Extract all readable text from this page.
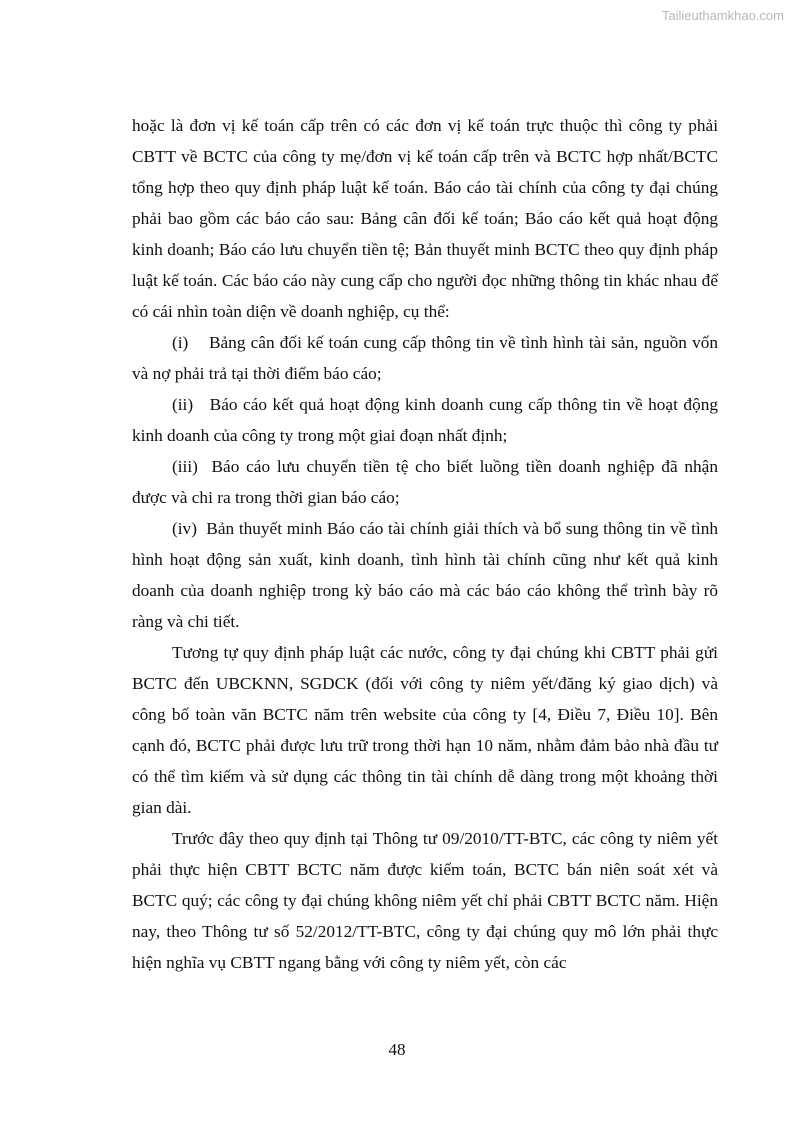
Tailieuthamkhao.com

hoặc là đơn vị kế toán cấp trên có các đơn vị kế toán trực thuộc thì công ty phải CBTT về BCTC của công ty mẹ/đơn vị kế toán cấp trên và BCTC hợp nhất/BCTC tổng hợp theo quy định pháp luật kế toán. Báo cáo tài chính của công ty đại chúng phải bao gồm các báo cáo sau: Bảng cân đối kế toán; Báo cáo kết quả hoạt động kinh doanh; Báo cáo lưu chuyển tiền tệ; Bản thuyết minh BCTC theo quy định pháp luật kế toán. Các báo cáo này cung cấp cho người đọc những thông tin khác nhau để có cái nhìn toàn diện về doanh nghiệp, cụ thể:

(i)    Bảng cân đối kế toán cung cấp thông tin về tình hình tài sản, nguồn vốn và nợ phải trả tại thời điểm báo cáo;

(ii)   Báo cáo kết quả hoạt động kinh doanh cung cấp thông tin về hoạt động kinh doanh của công ty trong một giai đoạn nhất định;

(iii)  Báo cáo lưu chuyển tiền tệ cho biết luồng tiền doanh nghiệp đã nhận được và chi ra trong thời gian báo cáo;

(iv)  Bản thuyết minh Báo cáo tài chính giải thích và bổ sung thông tin về tình hình hoạt động sản xuất, kinh doanh, tình hình tài chính cũng như kết quả kinh doanh của doanh nghiệp trong kỳ báo cáo mà các báo cáo không thể trình bày rõ ràng và chi tiết.

Tương tự quy định pháp luật các nước, công ty đại chúng khi CBTT phải gửi BCTC đến UBCKNN, SGDCK (đối với công ty niêm yết/đăng ký giao dịch) và công bố toàn văn BCTC năm trên website của công ty [4, Điều 7, Điều 10]. Bên cạnh đó, BCTC phải được lưu trữ trong thời hạn 10 năm, nhằm đảm bảo nhà đầu tư có thể tìm kiếm và sử dụng các thông tin tài chính dễ dàng trong một khoảng thời gian dài.

Trước đây theo quy định tại Thông tư 09/2010/TT-BTC, các công ty niêm yết phải thực hiện CBTT BCTC năm được kiểm toán, BCTC bán niên soát xét và BCTC quý; các công ty đại chúng không niêm yết chỉ phải CBTT BCTC năm. Hiện nay, theo Thông tư số 52/2012/TT-BTC, công ty đại chúng quy mô lớn phải thực hiện nghĩa vụ CBTT ngang bằng với công ty niêm yết, còn các

48
